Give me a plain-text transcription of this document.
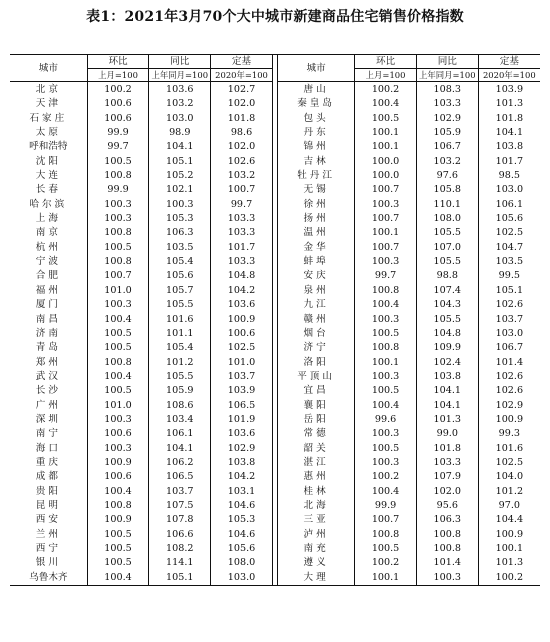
表1：2021年3月70个大中城市新建商品住宅销售价格指数
城市	环比	同比	定基		城市	环比	同比	定基
	上月=100	上年同月=100	2020年=100			上月=100	上年同月=100	2020年=100
北京	100.2	103.6	102.7		唐山	100.2	108.3	103.9
天津	100.6	103.2	102.0		秦皇岛	100.4	103.3	101.3
石家庄	100.6	103.0	101.8		包头	100.5	102.9	101.8
太原	99.9	98.9	98.6		丹东	100.1	105.9	104.1
呼和浩特	99.7	104.1	102.0		锦州	100.1	106.7	103.8
沈阳	100.5	105.1	102.6		吉林	100.0	103.2	101.7
大连	100.8	105.2	103.2		牡丹江	100.0	97.6	98.5
长春	99.9	102.1	100.7		无锡	100.7	105.8	103.0
哈尔滨	100.3	100.3	99.7		徐州	100.3	110.1	106.1
上海	100.3	105.3	103.3		扬州	100.7	108.0	105.6
南京	100.8	106.3	103.3		温州	100.1	105.5	102.5
杭州	100.5	103.5	101.7		金华	100.7	107.0	104.7
宁波	100.8	105.4	103.3		蚌埠	100.3	105.5	103.5
合肥	100.7	105.6	104.8		安庆	99.7	98.8	99.5
福州	101.0	105.7	104.2		泉州	100.8	107.4	105.1
厦门	100.3	105.5	103.6		九江	100.4	104.3	102.6
南昌	100.4	101.6	100.9		赣州	100.3	105.5	103.7
济南	100.5	101.1	100.6		烟台	100.5	104.8	103.0
青岛	100.5	105.4	102.5		济宁	100.8	109.9	106.7
郑州	100.8	101.2	101.0		洛阳	100.1	102.4	101.4
武汉	100.4	105.5	103.7		平顶山	100.3	103.8	102.6
长沙	100.5	105.9	103.9		宜昌	100.5	104.1	102.6
广州	101.0	108.6	106.5		襄阳	100.4	104.1	102.9
深圳	100.3	103.4	101.9		岳阳	99.6	101.3	100.9
南宁	100.6	106.1	103.6		常德	100.3	99.0	99.3
海口	100.3	104.1	102.9		韶关	100.5	101.8	101.6
重庆	100.9	106.2	103.8		湛江	100.3	103.3	102.5
成都	100.6	106.5	104.2		惠州	100.2	107.9	104.0
贵阳	100.4	103.7	103.1		桂林	100.4	102.0	101.2
昆明	100.8	107.5	104.6		北海	99.9	95.6	97.0
西安	100.9	107.8	105.3		三亚	100.7	106.3	104.4
兰州	100.5	106.6	104.6		泸州	100.8	100.8	100.9
西宁	100.5	108.2	105.6		南充	100.5	100.8	100.1
银川	100.5	114.1	108.0		遵义	100.2	101.4	101.3
乌鲁木齐	100.4	105.1	103.0		大理	100.1	100.3	100.2
